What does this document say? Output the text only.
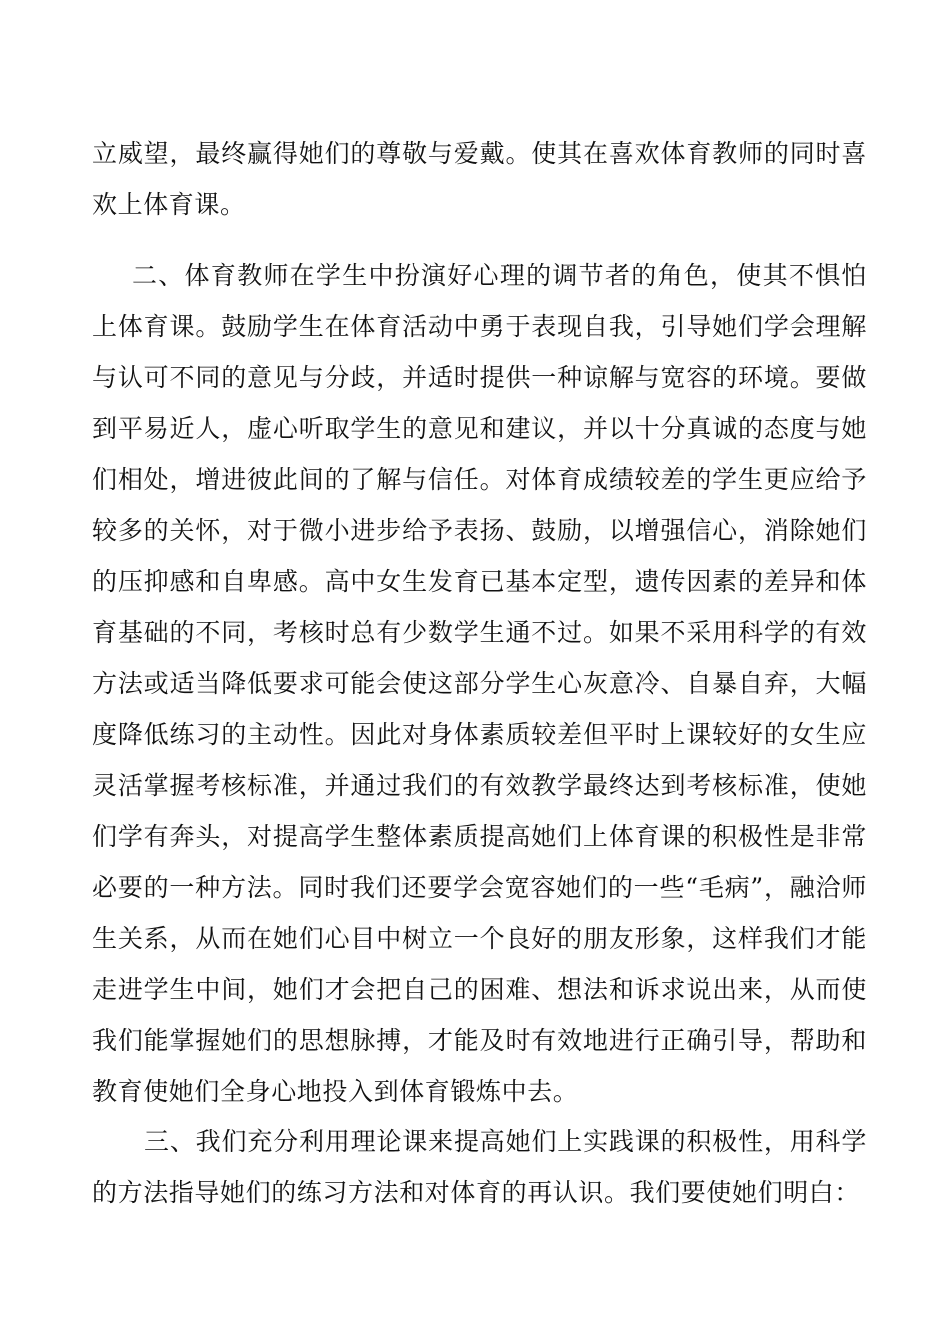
立威望，最终赢得她们的尊敬与爱戴。使其在喜欢体育教师的同时喜欢上体育课。

二、体育教师在学生中扮演好心理的调节者的角色，使其不惧怕上体育课。鼓励学生在体育活动中勇于表现自我，引导她们学会理解与认可不同的意见与分歧，并适时提供一种谅解与宽容的环境。要做到平易近人，虚心听取学生的意见和建议，并以十分真诚的态度与她们相处，增进彼此间的了解与信任。对体育成绩较差的学生更应给予较多的关怀，对于微小进步给予表扬、鼓励，以增强信心，消除她们的压抑感和自卑感。高中女生发育已基本定型，遗传因素的差异和体育基础的不同，考核时总有少数学生通不过。如果不采用科学的有效方法或适当降低要求可能会使这部分学生心灰意冷、自暴自弃，大幅度降低练习的主动性。因此对身体素质较差但平时上课较好的女生应灵活掌握考核标准，并通过我们的有效教学最终达到考核标准，使她们学有奔头，对提高学生整体素质提高她们上体育课的积极性是非常必要的一种方法。同时我们还要学会宽容她们的一些“毛病”，融洽师生关系，从而在她们心目中树立一个良好的朋友形象，这样我们才能走进学生中间，她们才会把自己的困难、想法和诉求说出来，从而使我们能掌握她们的思想脉搏，才能及时有效地进行正确引导，帮助和教育使她们全身心地投入到体育锻炼中去。

三、我们充分利用理论课来提高她们上实践课的积极性，用科学的方法指导她们的练习方法和对体育的再认识。我们要使她们明白：
